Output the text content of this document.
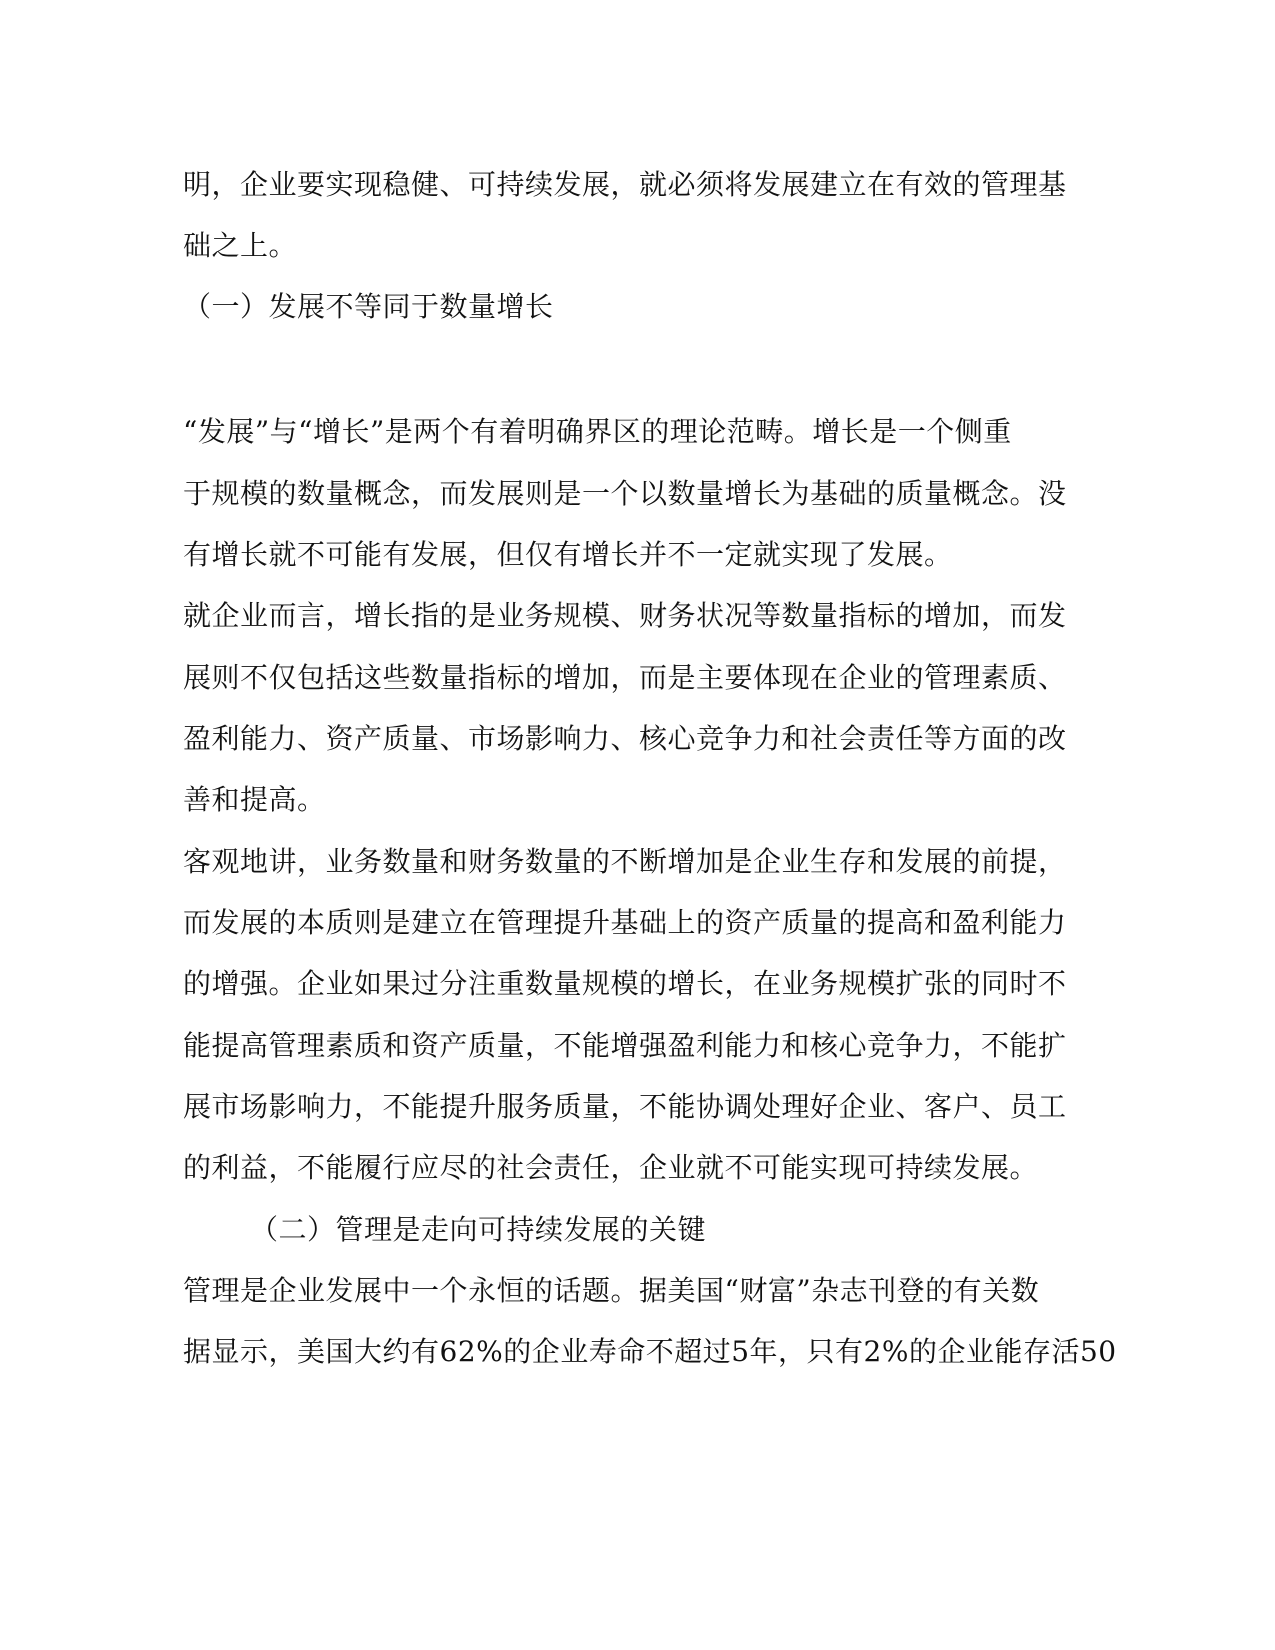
明，企业要实现稳健、可持续发展，就必须将发展建立在有效的管理基
础之上。
（一）发展不等同于数量增长
“发展”与“增长”是两个有着明确界区的理论范畴。增长是一个侧重
于规模的数量概念，而发展则是一个以数量增长为基础的质量概念。没
有增长就不可能有发展，但仅有增长并不一定就实现了发展。
就企业而言，增长指的是业务规模、财务状况等数量指标的增加，而发
展则不仅包括这些数量指标的增加，而是主要体现在企业的管理素质、
盈利能力、资产质量、市场影响力、核心竞争力和社会责任等方面的改
善和提高。
客观地讲，业务数量和财务数量的不断增加是企业生存和发展的前提，
而发展的本质则是建立在管理提升基础上的资产质量的提高和盈利能力
的增强。企业如果过分注重数量规模的增长，在业务规模扩张的同时不
能提高管理素质和资产质量，不能增强盈利能力和核心竞争力，不能扩
展市场影响力，不能提升服务质量，不能协调处理好企业、客户、员工
的利益，不能履行应尽的社会责任，企业就不可能实现可持续发展。
（二）管理是走向可持续发展的关键
管理是企业发展中一个永恒的话题。据美国“财富”杂志刊登的有关数
据显示，美国大约有62%的企业寿命不超过5年，只有2%的企业能存活50
